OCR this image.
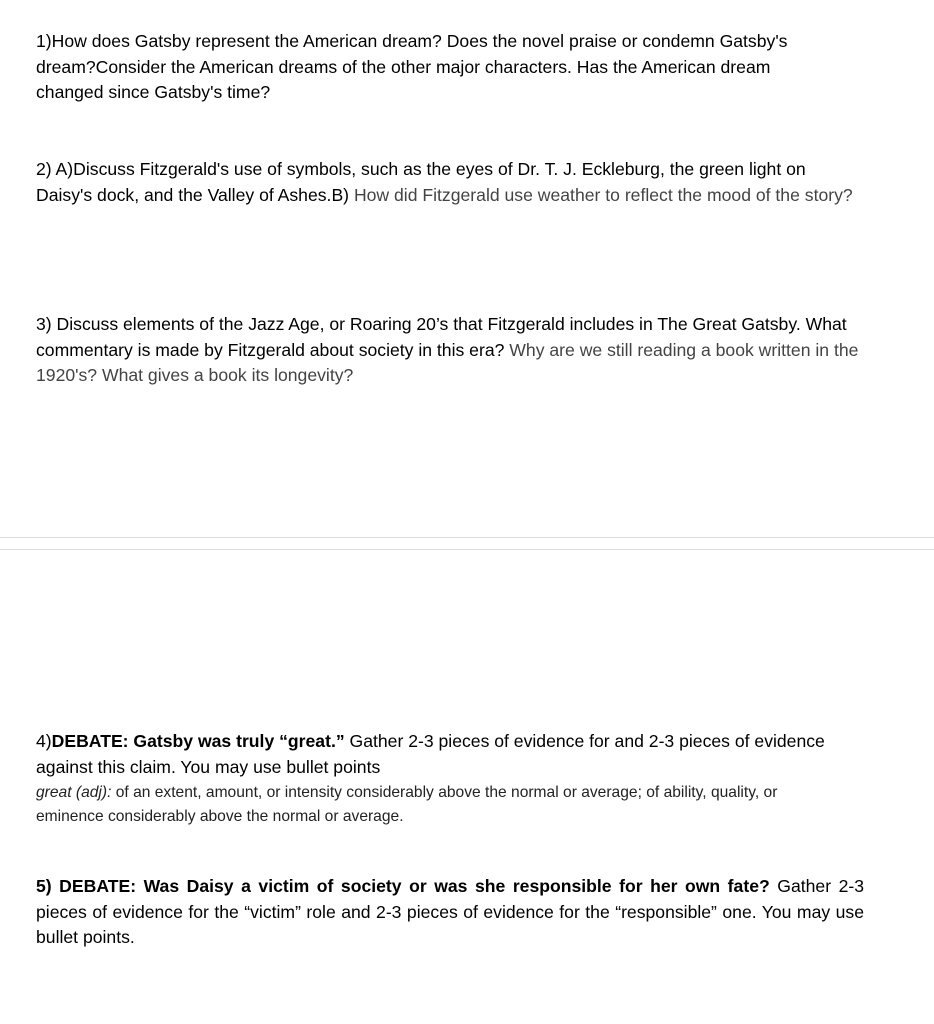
1)How does Gatsby represent the American dream? Does the novel praise or condemn Gatsby's dream?Consider the American dreams of the other major characters. Has the American dream changed since Gatsby's time?

2) A)Discuss Fitzgerald's use of symbols, such as the eyes of Dr. T. J. Eckleburg, the green light on Daisy's dock, and the Valley of Ashes.B) How did Fitzgerald use weather to reflect the mood of the story?

3) Discuss elements of the Jazz Age, or Roaring 20’s that Fitzgerald includes in The Great Gatsby. What commentary is made by Fitzgerald about society in this era? Why are we still reading a book written in the 1920's? What gives a book its longevity?

4)DEBATE: Gatsby was truly “great.” Gather 2-3 pieces of evidence for and 2-3 pieces of evidence against this claim. You may use bullet points

great (adj): of an extent, amount, or intensity considerably above the normal or average; of ability, quality, or eminence considerably above the normal or average.

5) DEBATE: Was Daisy a victim of society or was she responsible for her own fate? Gather 2-3 pieces of evidence for the “victim” role and 2-3 pieces of evidence for the “responsible” one. You may use bullet points.
